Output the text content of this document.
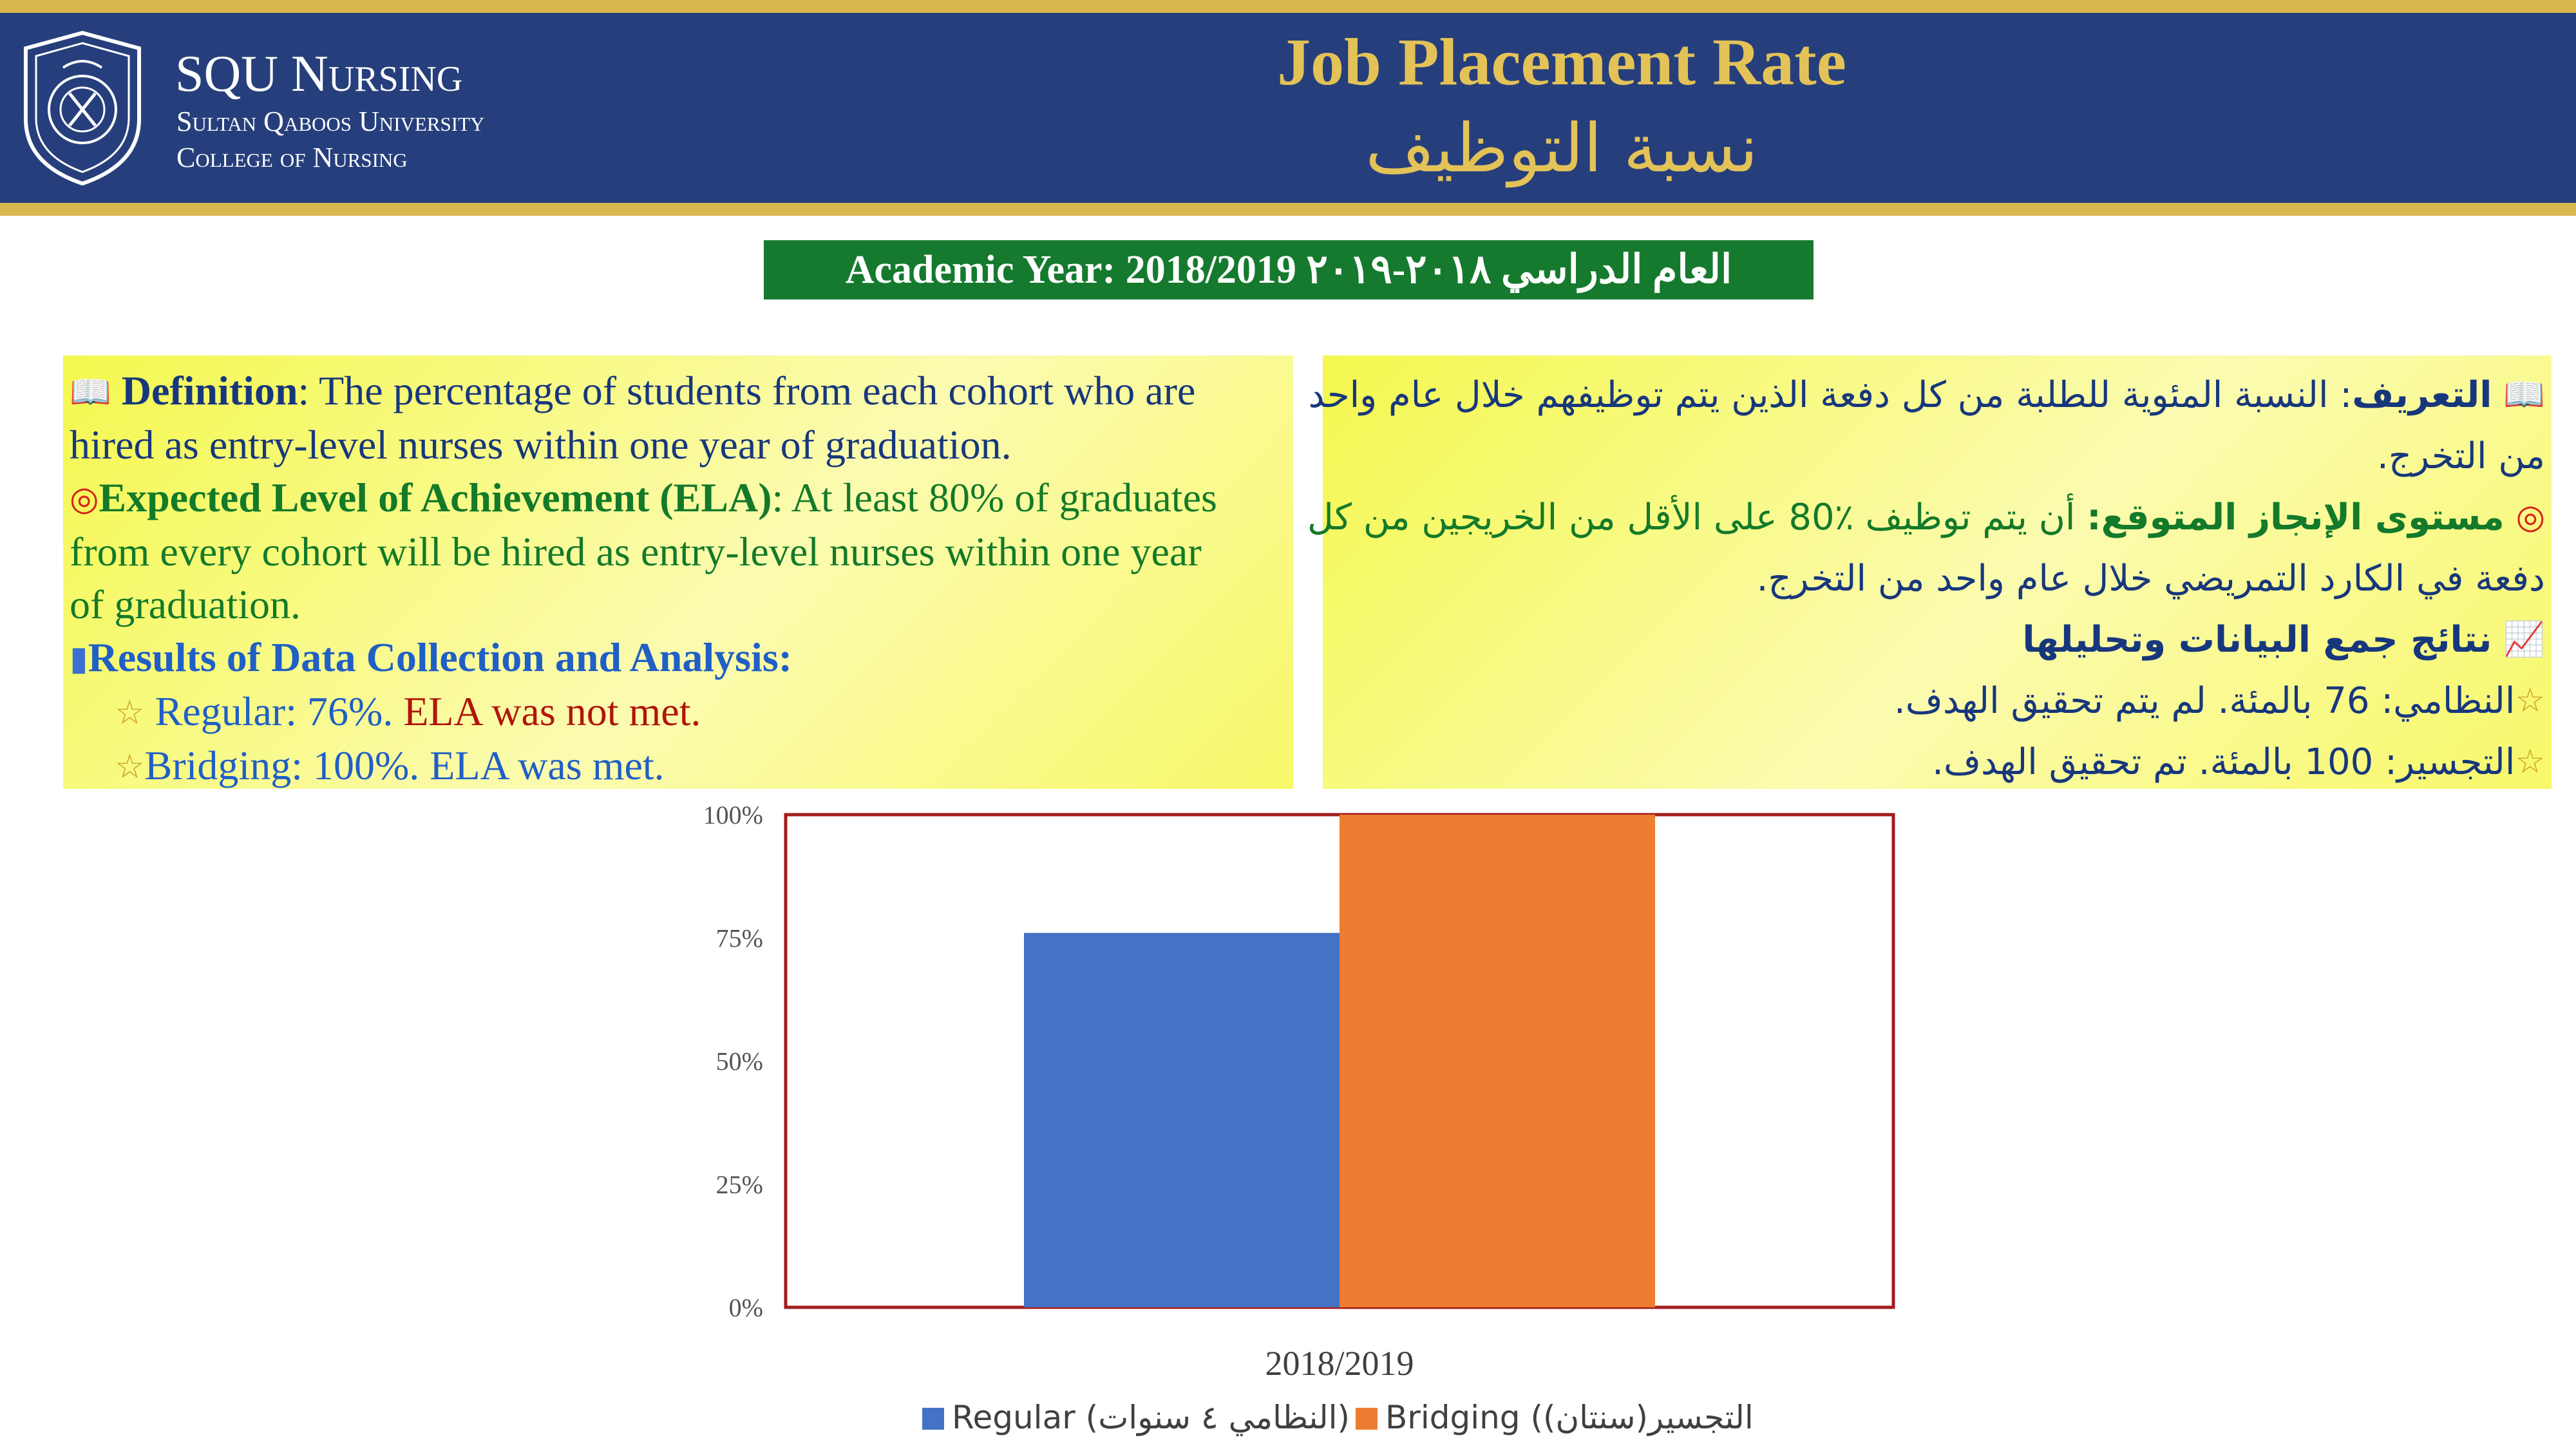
SQU Nursing
Sultan Qaboos University
College of Nursing
Job Placement Rate
نسبة التوظيف
Academic Year: 2018/2019 العام الدراسي ٢٠١٨-٢٠١٩
📖 Definition: The percentage of students from each cohort who are
hired as entry-level nurses within one year of graduation.
◎Expected Level of Achievement (ELA): At least 80% of graduates
from every cohort will be hired as entry-level nurses within one year
of graduation.
▮Results of Data Collection and Analysis:
☆ Regular: 76%. ELA was not met.
☆Bridging: 100%. ELA was met.
📖 التعريف: النسبة المئوية للطلبة من كل دفعة الذين يتم توظيفهم خلال عام واحد
من التخرج.
◎ مستوى الإنجاز المتوقع: أن يتم توظيف ٪80 على الأقل من الخريجين من كل
دفعة في الكارد التمريضي خلال عام واحد من التخرج.
📈 نتائج جمع البيانات وتحليلها
☆النظامي: 76 بالمئة. لم يتم تحقيق الهدف.
☆التجسير: 100 بالمئة. تم تحقيق الهدف.
0%
25%
50%
75%
100%
2018/2019
Regular (النظامي ٤ سنوات) Bridging (التجسير(سنتان)
